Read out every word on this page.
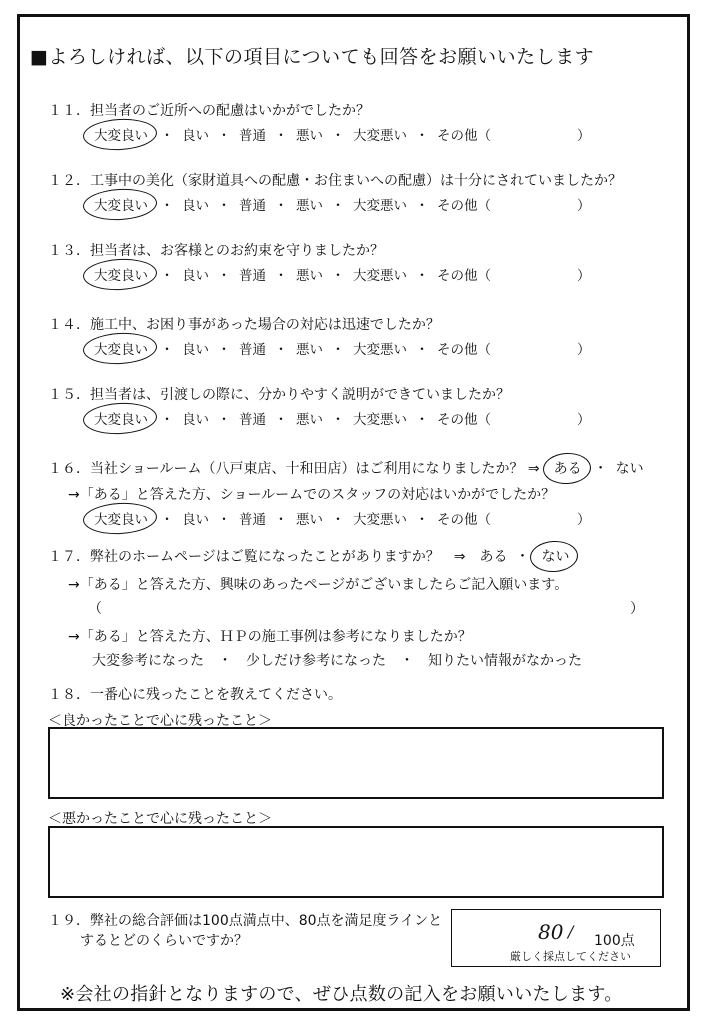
■よろしければ、以下の項目についても回答をお願いいたします
１１．担当者のご近所への配慮はいかがでしたか？
大変良い ・ 良い ・ 普通 ・ 悪い ・ 大変悪い ・ その他（	）
１２．工事中の美化（家財道具への配慮・お住まいへの配慮）は十分にされていましたか？
大変良い ・ 良い ・ 普通 ・ 悪い ・ 大変悪い ・ その他（	）
１３．担当者は、お客様とのお約束を守りましたか？
大変良い ・ 良い ・ 普通 ・ 悪い ・ 大変悪い ・ その他（	）
１４．施工中、お困り事があった場合の対応は迅速でしたか？
大変良い ・ 良い ・ 普通 ・ 悪い ・ 大変悪い ・ その他（	）
１５．担当者は、引渡しの際に、分かりやすく説明ができていましたか？
大変良い ・ 良い ・ 普通 ・ 悪い ・ 大変悪い ・ その他（	）
１６．当社ショールーム（八戸東店、十和田店）はご利用になりましたか？ ⇒ ある ・ ない
→「ある」と答えた方、ショールームでのスタッフの対応はいかがでしたか？
大変良い ・ 良い ・ 普通 ・ 悪い ・ 大変悪い ・ その他（	）
１７．弊社のホームページはご覧になったことがありますか？　⇒　ある ・ ない
→「ある」と答えた方、興味のあったページがございましたらご記入願います。
（	）
→「ある」と答えた方、ＨＰの施工事例は参考になりましたか？
大変参考になった　・　少しだけ参考になった　・　知りたい情報がなかった
１８．一番心に残ったことを教えてください。
＜良かったことで心に残ったこと＞
＜悪かったことで心に残ったこと＞
１９．弊社の総合評価は100点満点中、80点を満足度ラインと
するとどのくらいですか？	80 / 100点
厳しく採点してください
※会社の指針となりますので、ぜひ点数の記入をお願いいたします。
